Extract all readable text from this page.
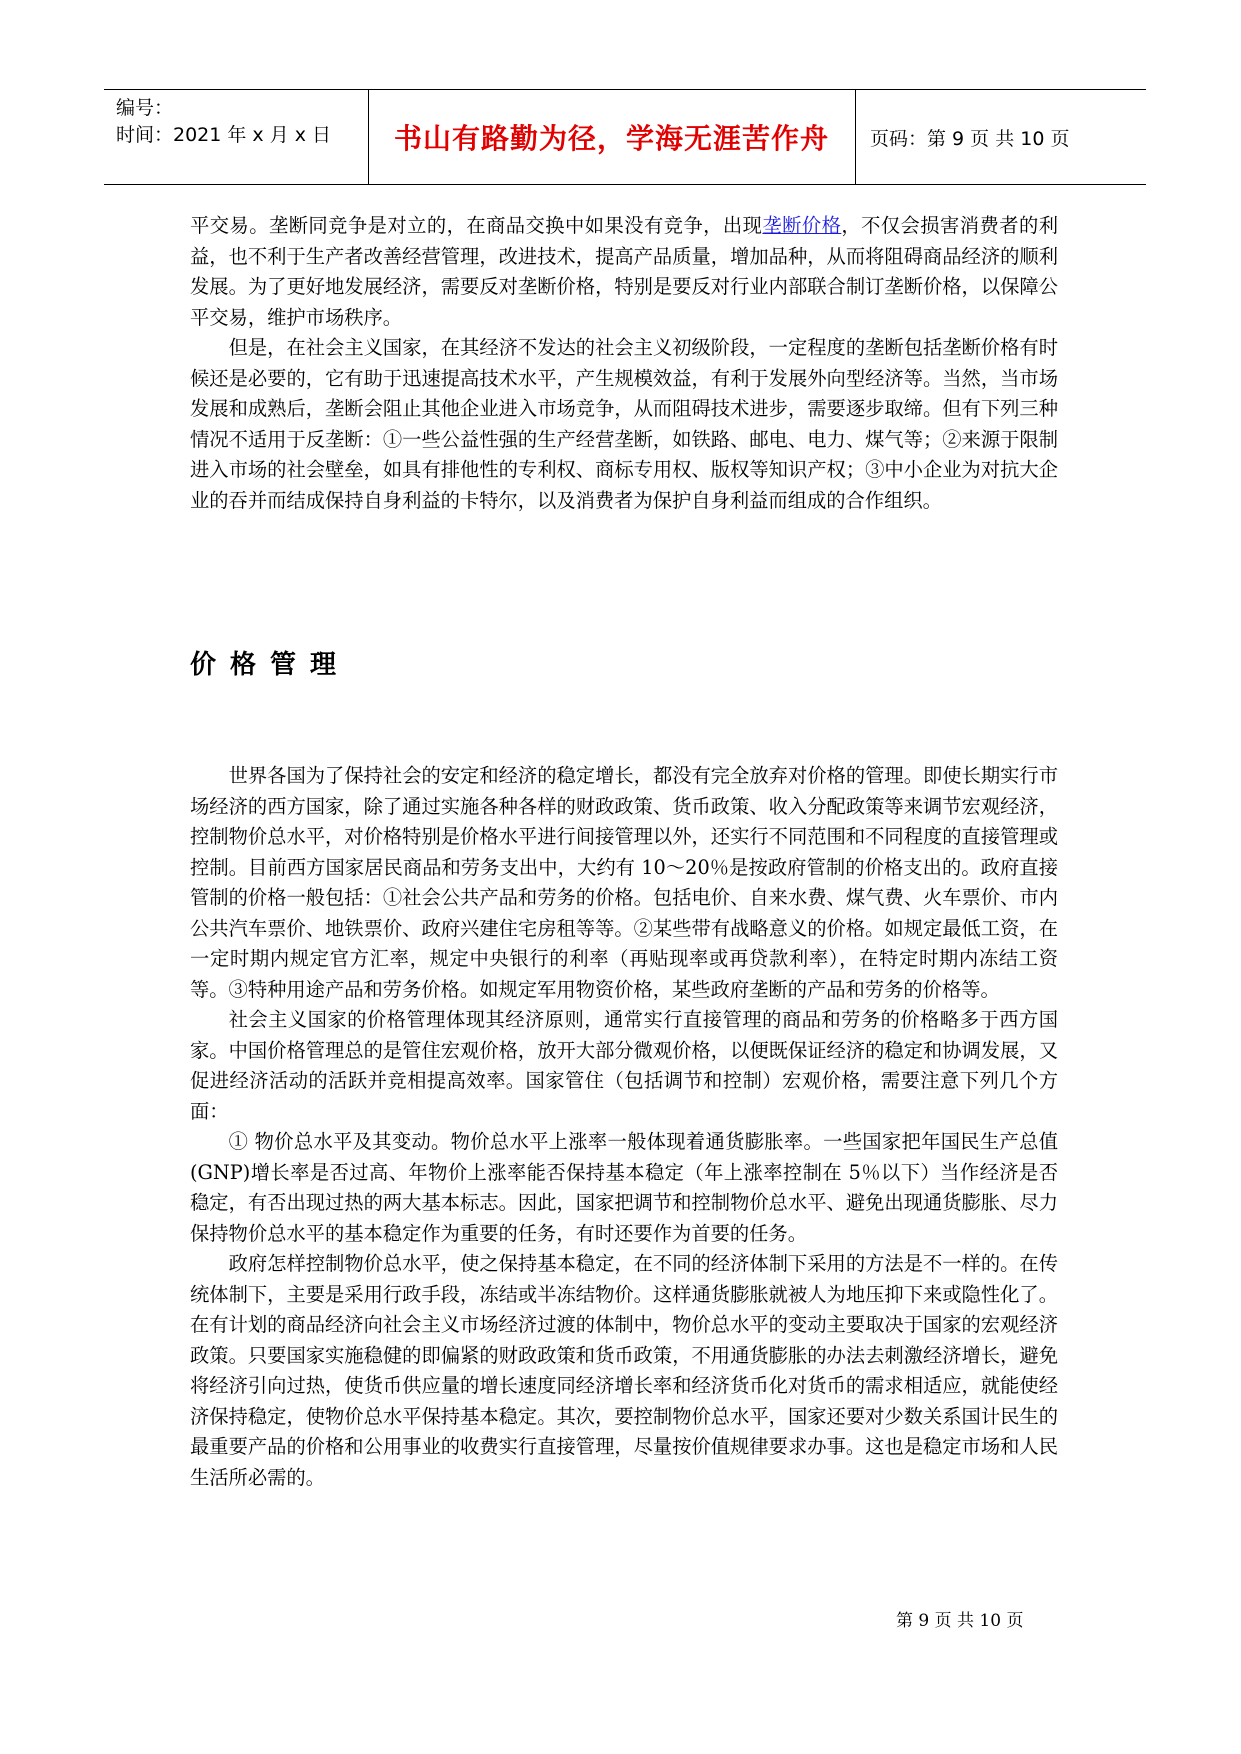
编号：
时间：2021 年 x 月 x 日 书山有路勤为径，学海无涯苦作舟 页码：第 9 页 共 10 页

平交易。垄断同竞争是对立的，在商品交换中如果没有竞争，出现垄断价格，不仅会损害消费者的利益，也不利于生产者改善经营管理，改进技术，提高产品质量，增加品种，从而将阻碍商品经济的顺利发展。为了更好地发展经济，需要反对垄断价格，特别是要反对行业内部联合制订垄断价格，以保障公平交易，维护市场秩序。

但是，在社会主义国家，在其经济不发达的社会主义初级阶段，一定程度的垄断包括垄断价格有时候还是必要的，它有助于迅速提高技术水平，产生规模效益，有利于发展外向型经济等。当然，当市场发展和成熟后，垄断会阻止其他企业进入市场竞争，从而阻碍技术进步，需要逐步取缔。但有下列三种情况不适用于反垄断：①一些公益性强的生产经营垄断，如铁路、邮电、电力、煤气等；②来源于限制进入市场的社会壁垒，如具有排他性的专利权、商标专用权、版权等知识产权；③中小企业为对抗大企业的吞并而结成保持自身利益的卡特尔，以及消费者为保护自身利益而组成的合作组织。

价格管理

世界各国为了保持社会的安定和经济的稳定增长，都没有完全放弃对价格的管理。即使长期实行市场经济的西方国家，除了通过实施各种各样的财政政策、货币政策、收入分配政策等来调节宏观经济，控制物价总水平，对价格特别是价格水平进行间接管理以外，还实行不同范围和不同程度的直接管理或控制。目前西方国家居民商品和劳务支出中，大约有 10～20％是按政府管制的价格支出的。政府直接管制的价格一般包括：①社会公共产品和劳务的价格。包括电价、自来水费、煤气费、火车票价、市内公共汽车票价、地铁票价、政府兴建住宅房租等等。②某些带有战略意义的价格。如规定最低工资，在一定时期内规定官方汇率，规定中央银行的利率（再贴现率或再贷款利率），在特定时期内冻结工资等。③特种用途产品和劳务价格。如规定军用物资价格，某些政府垄断的产品和劳务的价格等。

社会主义国家的价格管理体现其经济原则，通常实行直接管理的商品和劳务的价格略多于西方国家。中国价格管理总的是管住宏观价格，放开大部分微观价格，以便既保证经济的稳定和协调发展，又促进经济活动的活跃并竞相提高效率。国家管住（包括调节和控制）宏观价格，需要注意下列几个方面：

① 物价总水平及其变动。物价总水平上涨率一般体现着通货膨胀率。一些国家把年国民生产总值(GNP)增长率是否过高、年物价上涨率能否保持基本稳定（年上涨率控制在 5％以下）当作经济是否稳定，有否出现过热的两大基本标志。因此，国家把调节和控制物价总水平、避免出现通货膨胀、尽力保持物价总水平的基本稳定作为重要的任务，有时还要作为首要的任务。

政府怎样控制物价总水平，使之保持基本稳定，在不同的经济体制下采用的方法是不一样的。在传统体制下，主要是采用行政手段，冻结或半冻结物价。这样通货膨胀就被人为地压抑下来或隐性化了。在有计划的商品经济向社会主义市场经济过渡的体制中，物价总水平的变动主要取决于国家的宏观经济政策。只要国家实施稳健的即偏紧的财政政策和货币政策，不用通货膨胀的办法去刺激经济增长，避免将经济引向过热，使货币供应量的增长速度同经济增长率和经济货币化对货币的需求相适应，就能使经济保持稳定，使物价总水平保持基本稳定。其次，要控制物价总水平，国家还要对少数关系国计民生的最重要产品的价格和公用事业的收费实行直接管理，尽量按价值规律要求办事。这也是稳定市场和人民生活所必需的。

第 9 页 共 10 页
